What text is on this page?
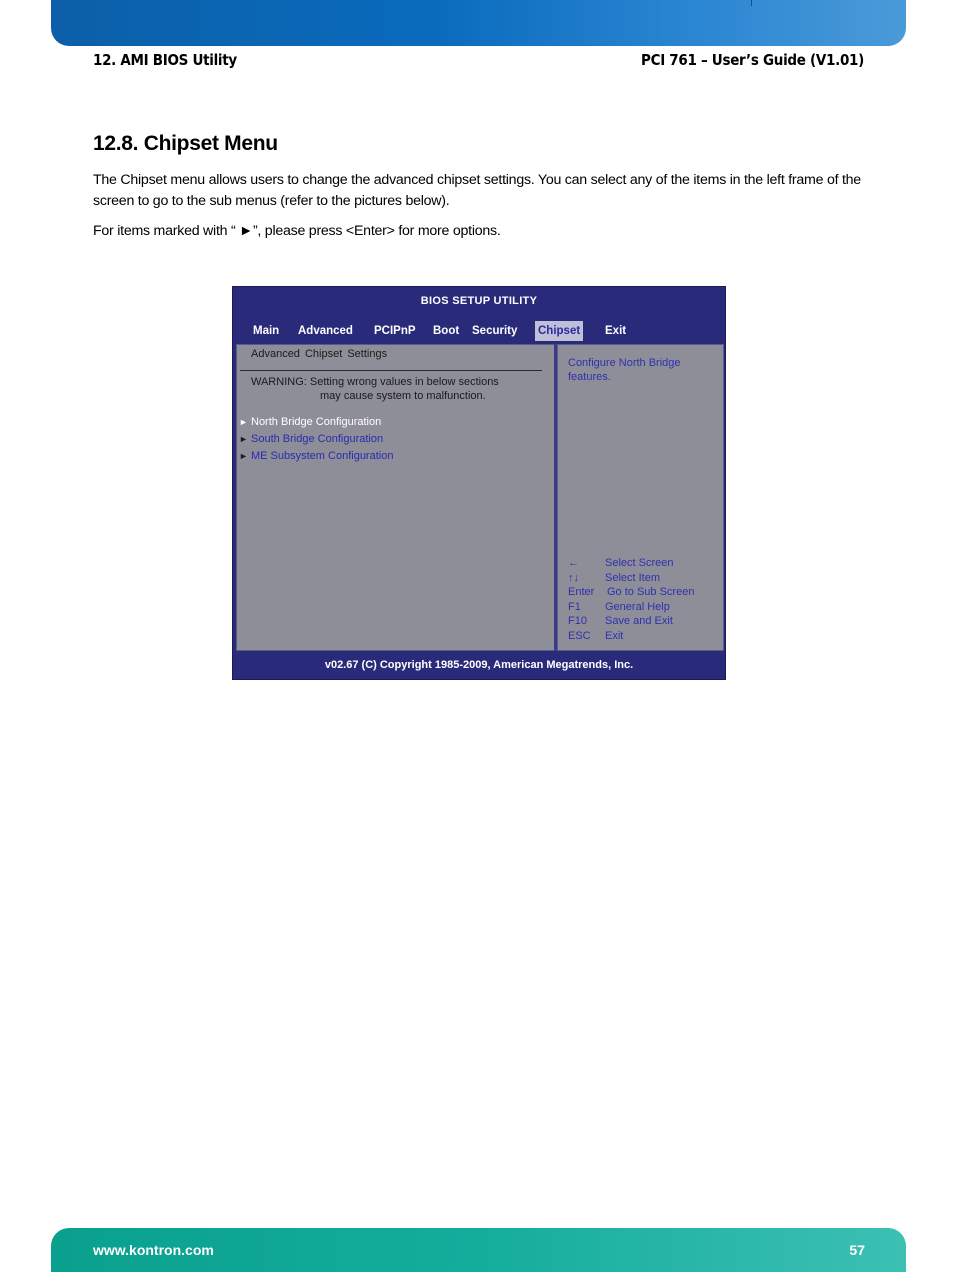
12. AMI BIOS Utility	PCI 761 – User’s Guide (V1.01)
12.8. Chipset Menu
The Chipset menu allows users to change the advanced chipset settings. You can select any of the items in the left frame of the screen to go to the sub menus (refer to the pictures below).
For items marked with “ ►”, please press <Enter> for more options.
BIOS SETUP UTILITY
Main Advanced PCIPnP Boot Security Chipset Exit
Advanced Chipset Settings
WARNING: Setting wrong values in below sections
may cause system to malfunction.
► North Bridge Configuration
► South Bridge Configuration
► ME Subsystem Configuration
Configure North Bridge
features.
← Select Screen
↑↓ Select Item
Enter Go to Sub Screen
F1 General Help
F10 Save and Exit
ESC Exit
v02.67 (C) Copyright 1985-2009, American Megatrends, Inc.
www.kontron.com	57
